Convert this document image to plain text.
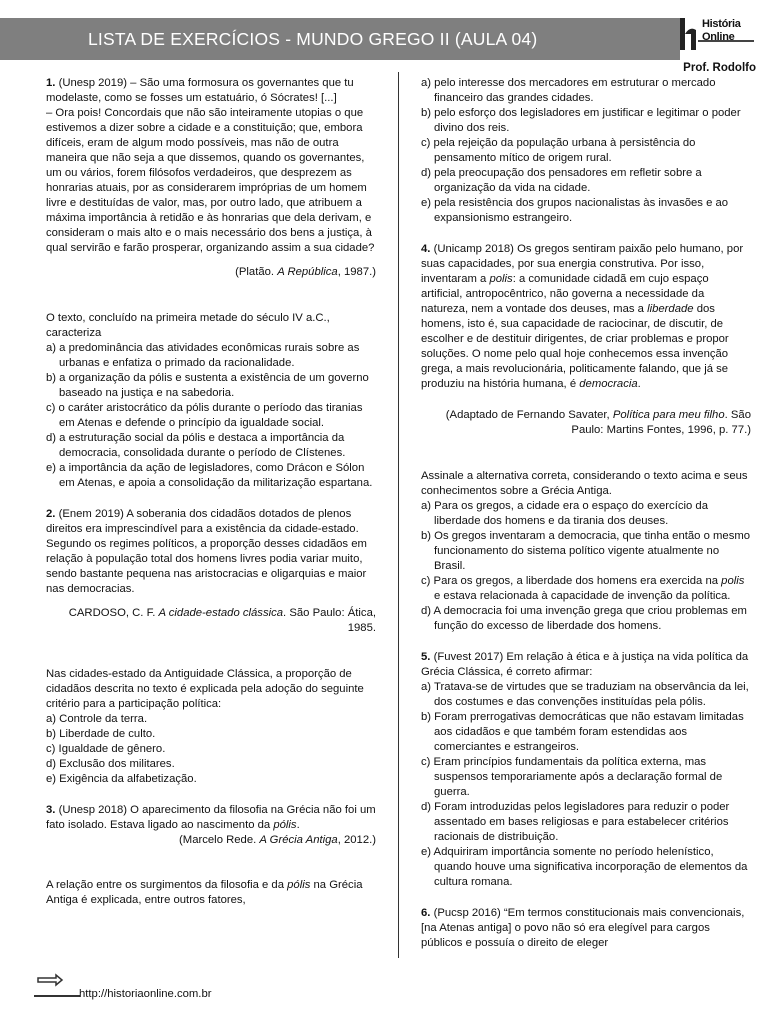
LISTA DE EXERCÍCIOS - MUNDO GREGO II (AULA 04)
História
Online
Prof. Rodolfo

1. (Unesp 2019) – São uma formosura os governantes que tu modelaste, como se fosses um estatuário, ó Sócrates! [...]

– Ora pois! Concordais que não são inteiramente utopias o que estivemos a dizer sobre a cidade e a constituição; que, embora difíceis, eram de algum modo possíveis, mas não de outra maneira que não seja a que dissemos, quando os governantes, um ou vários, forem filósofos verdadeiros, que desprezem as honrarias atuais, por as considerarem impróprias de um homem livre e destituídas de valor, mas, por outro lado, que atribuem a máxima importância à retidão e às honrarias que dela derivam, e consideram o mais alto e o mais necessário dos bens a justiça, à qual servirão e farão prosperar, organizando assim a sua cidade?

(Platão. A República, 1987.)

O texto, concluído na primeira metade do século IV a.C., caracteriza

a) a predominância das atividades econômicas rurais sobre as urbanas e enfatiza o primado da racionalidade.

b) a organização da pólis e sustenta a existência de um governo baseado na justiça e na sabedoria.

c) o caráter aristocrático da pólis durante o período das tiranias em Atenas e defende o princípio da igualdade social.

d) a estruturação social da pólis e destaca a importância da democracia, consolidada durante o período de Clístenes.

e) a importância da ação de legisladores, como Drácon e Sólon em Atenas, e apoia a consolidação da militarização espartana.

2. (Enem 2019) A soberania dos cidadãos dotados de plenos direitos era imprescindível para a existência da cidade-estado. Segundo os regimes políticos, a proporção desses cidadãos em relação à população total dos homens livres podia variar muito, sendo bastante pequena nas aristocracias e oligarquias e maior nas democracias.

CARDOSO, C. F. A cidade-estado clássica. São Paulo: Ática, 1985.

Nas cidades-estado da Antiguidade Clássica, a proporção de cidadãos descrita no texto é explicada pela adoção do seguinte critério para a participação política:

a) Controle da terra.

b) Liberdade de culto.

c) Igualdade de gênero.

d) Exclusão dos militares.

e) Exigência da alfabetização.

3. (Unesp 2018) O aparecimento da filosofia na Grécia não foi um fato isolado. Estava ligado ao nascimento da pólis.

(Marcelo Rede. A Grécia Antiga, 2012.)

A relação entre os surgimentos da filosofia e da pólis na Grécia Antiga é explicada, entre outros fatores,

a) pelo interesse dos mercadores em estruturar o mercado financeiro das grandes cidades.

b) pelo esforço dos legisladores em justificar e legitimar o poder divino dos reis.

c) pela rejeição da população urbana à persistência do pensamento mítico de origem rural.

d) pela preocupação dos pensadores em refletir sobre a organização da vida na cidade.

e) pela resistência dos grupos nacionalistas às invasões e ao expansionismo estrangeiro.

4. (Unicamp 2018) Os gregos sentiram paixão pelo humano, por suas capacidades, por sua energia construtiva. Por isso, inventaram a polis: a comunidade cidadã em cujo espaço artificial, antropocêntrico, não governa a necessidade da natureza, nem a vontade dos deuses, mas a liberdade dos homens, isto é, sua capacidade de raciocinar, de discutir, de escolher e de destituir dirigentes, de criar problemas e propor soluções. O nome pelo qual hoje conhecemos essa invenção grega, a mais revolucionária, politicamente falando, que já se produziu na história humana, é democracia.

(Adaptado de Fernando Savater, Política para meu filho. São Paulo: Martins Fontes, 1996, p. 77.)

Assinale a alternativa correta, considerando o texto acima e seus conhecimentos sobre a Grécia Antiga.

a) Para os gregos, a cidade era o espaço do exercício da liberdade dos homens e da tirania dos deuses.

b) Os gregos inventaram a democracia, que tinha então o mesmo funcionamento do sistema político vigente atualmente no Brasil.

c) Para os gregos, a liberdade dos homens era exercida na polis e estava relacionada à capacidade de invenção da política.

d) A democracia foi uma invenção grega que criou problemas em função do excesso de liberdade dos homens.

5. (Fuvest 2017) Em relação à ética e à justiça na vida política da Grécia Clássica, é correto afirmar:

a) Tratava-se de virtudes que se traduziam na observância da lei, dos costumes e das convenções instituídas pela pólis.

b) Foram prerrogativas democráticas que não estavam limitadas aos cidadãos e que também foram estendidas aos comerciantes e estrangeiros.

c) Eram princípios fundamentais da política externa, mas suspensos temporariamente após a declaração formal de guerra.

d) Foram introduzidas pelos legisladores para reduzir o poder assentado em bases religiosas e para estabelecer critérios racionais de distribuição.

e) Adquiriram importância somente no período helenístico, quando houve uma significativa incorporação de elementos da cultura romana.

6. (Pucsp 2016) “Em termos constitucionais mais convencionais, [na Atenas antiga] o povo não só era elegível para cargos públicos e possuía o direito de eleger

http://historiaonline.com.br
